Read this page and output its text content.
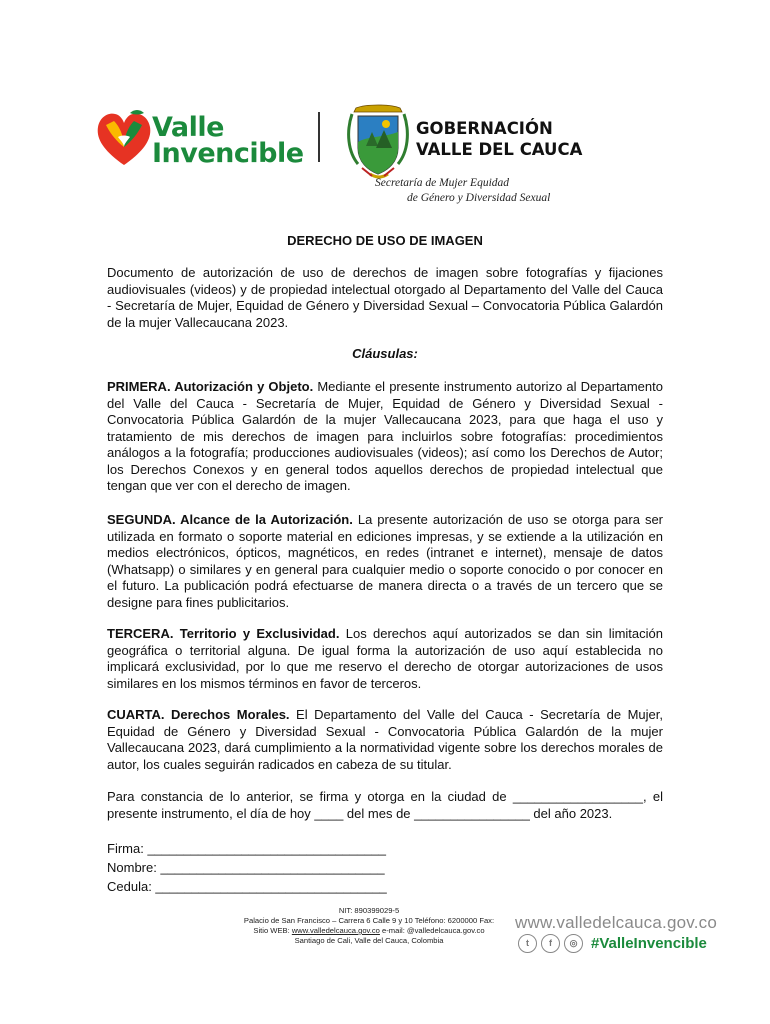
Valle
Invencible
GOBERNACIÓN
VALLE DEL CAUCA
Secretaría de Mujer Equidad
de Género y Diversidad Sexual
DERECHO DE USO DE IMAGEN
Documento de autorización de uso de derechos de imagen sobre fotografías y fijaciones audiovisuales (videos) y de propiedad intelectual otorgado al Departamento del Valle del Cauca - Secretaría de Mujer, Equidad de Género y Diversidad Sexual – Convocatoria Pública Galardón de la mujer Vallecaucana 2023.
Cláusulas:
PRIMERA. Autorización y Objeto. Mediante el presente instrumento autorizo al Departamento del Valle del Cauca - Secretaría de Mujer, Equidad de Género y Diversidad Sexual - Convocatoria Pública Galardón de la mujer Vallecaucana 2023, para que haga el uso y tratamiento de mis derechos de imagen para incluirlos sobre fotografías: procedimientos análogos a la fotografía; producciones audiovisuales (videos); así como los Derechos de Autor; los Derechos Conexos y en general todos aquellos derechos de propiedad intelectual que tengan que ver con el derecho de imagen.
SEGUNDA. Alcance de la Autorización. La presente autorización de uso se otorga para ser utilizada en formato o soporte material en ediciones impresas, y se extiende a la utilización en medios electrónicos, ópticos, magnéticos, en redes (intranet e internet), mensaje de datos (Whatsapp) o similares y en general para cualquier medio o soporte conocido o por conocer en el futuro. La publicación podrá efectuarse de manera directa o a través de un tercero que se designe para fines publicitarios.
TERCERA. Territorio y Exclusividad. Los derechos aquí autorizados se dan sin limitación geográfica o territorial alguna. De igual forma la autorización de uso aquí establecida no implicará exclusividad, por lo que me reservo el derecho de otorgar autorizaciones de usos similares en los mismos términos en favor de terceros.
CUARTA. Derechos Morales. El Departamento del Valle del Cauca - Secretaría de Mujer, Equidad de Género y Diversidad Sexual - Convocatoria Pública Galardón de la mujer Vallecaucana 2023, dará cumplimiento a la normatividad vigente sobre los derechos morales de autor, los cuales seguirán radicados en cabeza de su titular.
Para constancia de lo anterior, se firma y otorga en la ciudad de __________________, el presente instrumento, el día de hoy ____ del mes de ________________ del año 2023.
Firma: _________________________________
Nombre: _______________________________
Cedula: ________________________________
NIT: 890399029-5
Palacio de San Francisco – Carrera 6 Calle 9 y 10 Teléfono: 6200000 Fax:
Sitio WEB: www.valledelcauca.gov.co e-mail: @valledelcauca.gov.co
Santiago de Cali, Valle del Cauca, Colombia
www.valledelcauca.gov.co
t	f	◎ #ValleInvencible
